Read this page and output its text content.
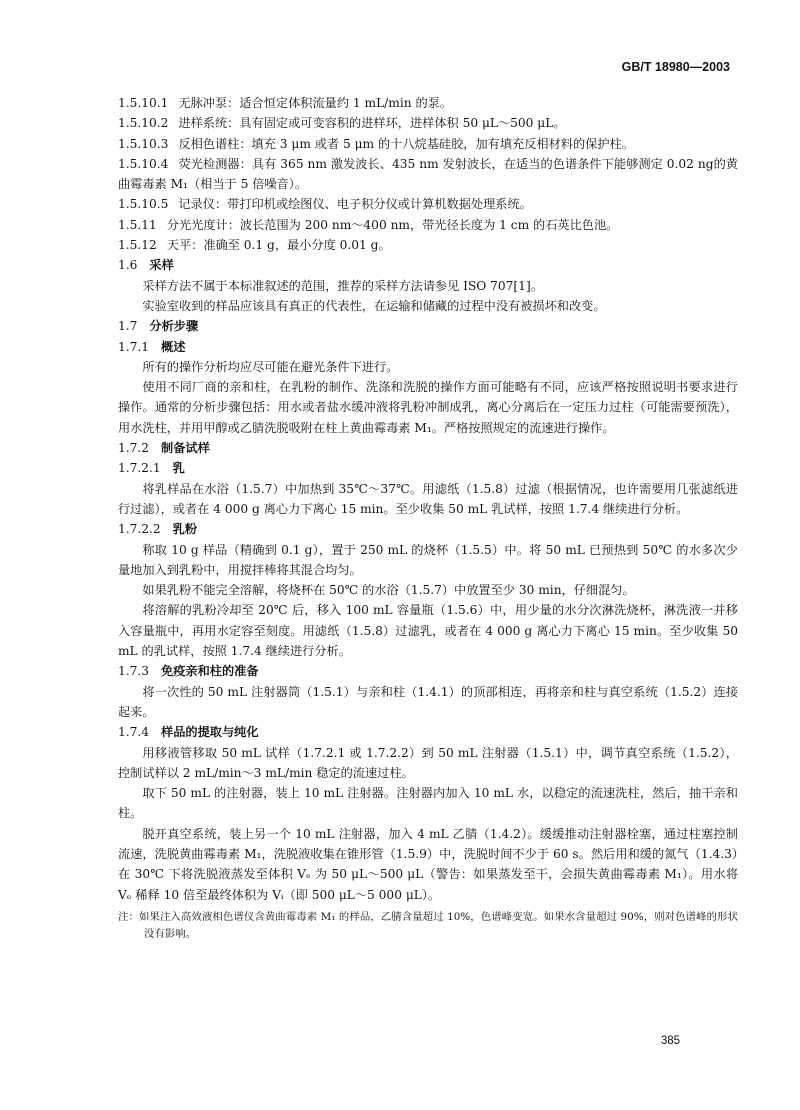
GB/T 18980—2003
1.5.10.1 无脉冲泵：适合恒定体积流量约 1 mL/min 的泵。
1.5.10.2 进样系统：具有固定或可变容积的进样环，进样体积 50 μL～500 μL。
1.5.10.3 反相色谱柱：填充 3 μm 或者 5 μm 的十八烷基硅胶，加有填充反相材料的保护柱。
1.5.10.4 荧光检测器：具有 365 nm 激发波长、435 nm 发射波长，在适当的色谱条件下能够测定 0.02 ng的黄曲霉毒素 M₁（相当于 5 倍噪音）。
1.5.10.5 记录仪：带打印机或绘图仪、电子积分仪或计算机数据处理系统。
1.5.11 分光光度计：波长范围为 200 nm～400 nm，带光径长度为 1 cm 的石英比色池。
1.5.12 天平：准确至 0.1 g，最小分度 0.01 g。
1.6 采样
采样方法不属于本标准叙述的范围，推荐的采样方法请参见 ISO 707[1]。
实验室收到的样品应该具有真正的代表性，在运输和储藏的过程中没有被损坏和改变。
1.7 分析步骤
1.7.1 概述
所有的操作分析均应尽可能在避光条件下进行。
使用不同厂商的亲和柱，在乳粉的制作、洗涤和洗脱的操作方面可能略有不同，应该严格按照说明书要求进行操作。通常的分析步骤包括：用水或者盐水缓冲液将乳粉冲制成乳，离心分离后在一定压力过柱（可能需要预洗），用水洗柱，并用甲醇或乙腈洗脱吸附在柱上黄曲霉毒素 M₁。严格按照规定的流速进行操作。
1.7.2 制备试样
1.7.2.1 乳
将乳样品在水浴（1.5.7）中加热到 35℃～37℃。用滤纸（1.5.8）过滤（根据情况，也许需要用几张滤纸进行过滤），或者在 4 000 g 离心力下离心 15 min。至少收集 50 mL 乳试样，按照 1.7.4 继续进行分析。
1.7.2.2 乳粉
称取 10 g 样品（精确到 0.1 g），置于 250 mL 的烧杯（1.5.5）中。将 50 mL 已预热到 50℃ 的水多次少量地加入到乳粉中，用搅拌棒将其混合均匀。
如果乳粉不能完全溶解，将烧杯在 50℃ 的水浴（1.5.7）中放置至少 30 min，仔细混匀。
将溶解的乳粉冷却至 20℃ 后，移入 100 mL 容量瓶（1.5.6）中，用少量的水分次淋洗烧杯，淋洗液一并移入容量瓶中，再用水定容至刻度。用滤纸（1.5.8）过滤乳，或者在 4 000 g 离心力下离心 15 min。至少收集 50 mL 的乳试样，按照 1.7.4 继续进行分析。
1.7.3 免疫亲和柱的准备
将一次性的 50 mL 注射器筒（1.5.1）与亲和柱（1.4.1）的顶部相连，再将亲和柱与真空系统（1.5.2）连接起来。
1.7.4 样品的提取与纯化
用移液管移取 50 mL 试样（1.7.2.1 或 1.7.2.2）到 50 mL 注射器（1.5.1）中，调节真空系统（1.5.2），控制试样以 2 mL/min～3 mL/min 稳定的流速过柱。
取下 50 mL 的注射器，装上 10 mL 注射器。注射器内加入 10 mL 水，以稳定的流速洗柱，然后，抽干亲和柱。
脱开真空系统，装上另一个 10 mL 注射器，加入 4 mL 乙腈（1.4.2）。缓缓推动注射器栓塞，通过柱塞控制流速，洗脱黄曲霉毒素 M₁，洗脱液收集在锥形管（1.5.9）中，洗脱时间不少于 60 s。然后用和缓的氮气（1.4.3）在 30℃ 下将洗脱液蒸发至体积 Vₑ 为 50 μL～500 μL（警告：如果蒸发至干，会损失黄曲霉毒素 M₁）。用水将 Vₑ 稀释 10 倍至最终体积为 Vᵢ（即 500 μL～5 000 μL）。
注：如果注入高效液相色谱仪含黄曲霉毒素 M₁ 的样品，乙腈含量超过 10%，色谱峰变宽。如果水含量超过 90%，则对色谱峰的形状没有影响。
385
